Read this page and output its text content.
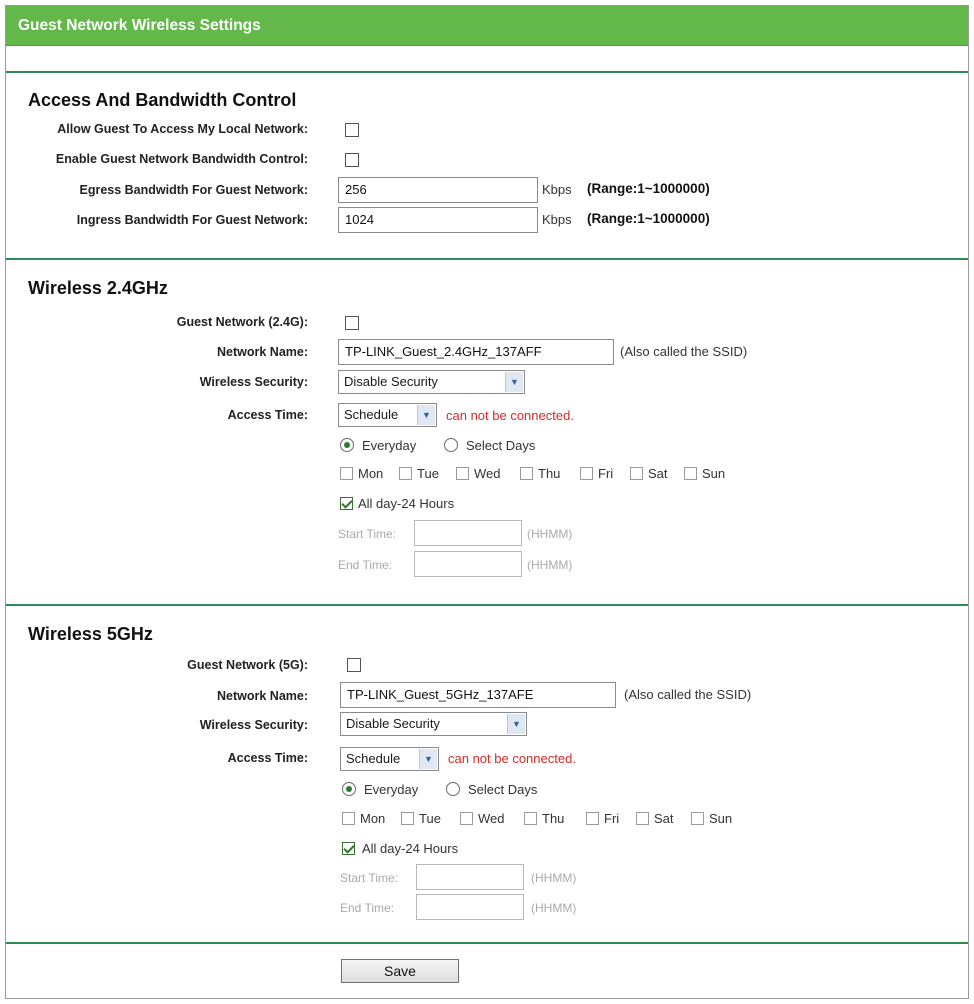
Guest Network Wireless Settings
Access And Bandwidth Control
Allow Guest To Access My Local Network:
Enable Guest Network Bandwidth Control:
Egress Bandwidth For Guest Network:	256	Kbps (Range:1~1000000)
Ingress Bandwidth For Guest Network:	1024	Kbps (Range:1~1000000)
Wireless 2.4GHz
Guest Network (2.4G):
Network Name:	TP-LINK_Guest_2.4GHz_137AFF	(Also called the SSID)
Wireless Security:	Disable Security	▼
Access Time:	Schedule	▼	can not be connected.
Everyday	Select Days
Mon	Tue	Wed	Thu	Fri	Sat	Sun
All day-24 Hours
Start Time:	(HHMM)
End Time:	(HHMM)
Wireless 5GHz
Guest Network (5G):
Network Name:	TP-LINK_Guest_5GHz_137AFE	(Also called the SSID)
Wireless Security:	Disable Security	▼
Access Time:	Schedule	▼	can not be connected.
Everyday	Select Days
Mon	Tue	Wed	Thu	Fri	Sat	Sun
All day-24 Hours
Start Time:	(HHMM)
End Time:	(HHMM)
Save
